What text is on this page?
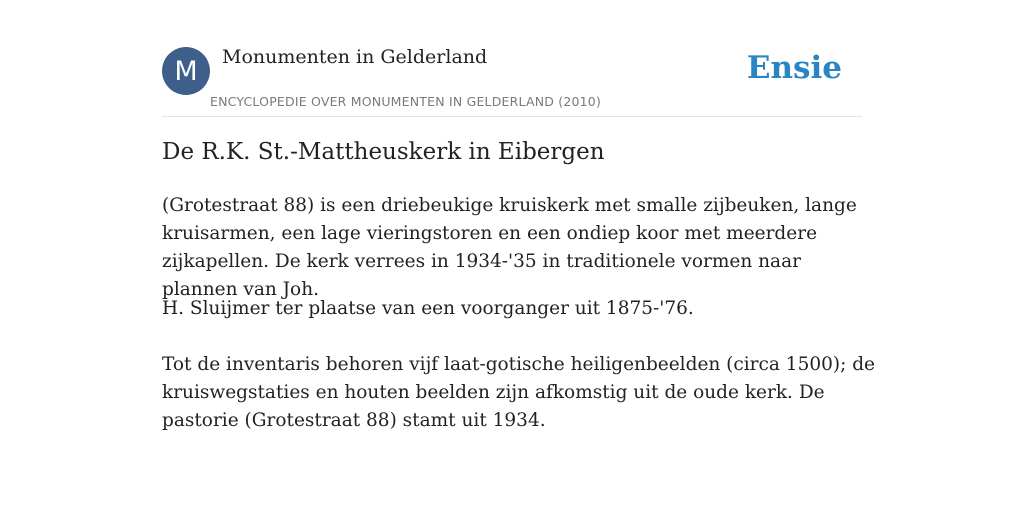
M	Monumenten in Gelderland
ENCYCLOPEDIE OVER MONUMENTEN IN GELDERLAND (2010)
Ensie
De R.K. St.-Mattheuskerk in Eibergen

(Grotestraat 88) is een driebeukige kruiskerk met smalle zijbeuken, lange kruisarmen, een lage vieringstoren en een ondiep koor met meerdere zijkapellen. De kerk verrees in 1934-'35 in traditionele vormen naar plannen van Joh.

H. Sluijmer ter plaatse van een voorganger uit 1875-'76.

Tot de inventaris behoren vijf laat-gotische heiligenbeelden (circa 1500); de kruiswegstaties en houten beelden zijn afkomstig uit de oude kerk. De pastorie (Grotestraat 88) stamt uit 1934.
